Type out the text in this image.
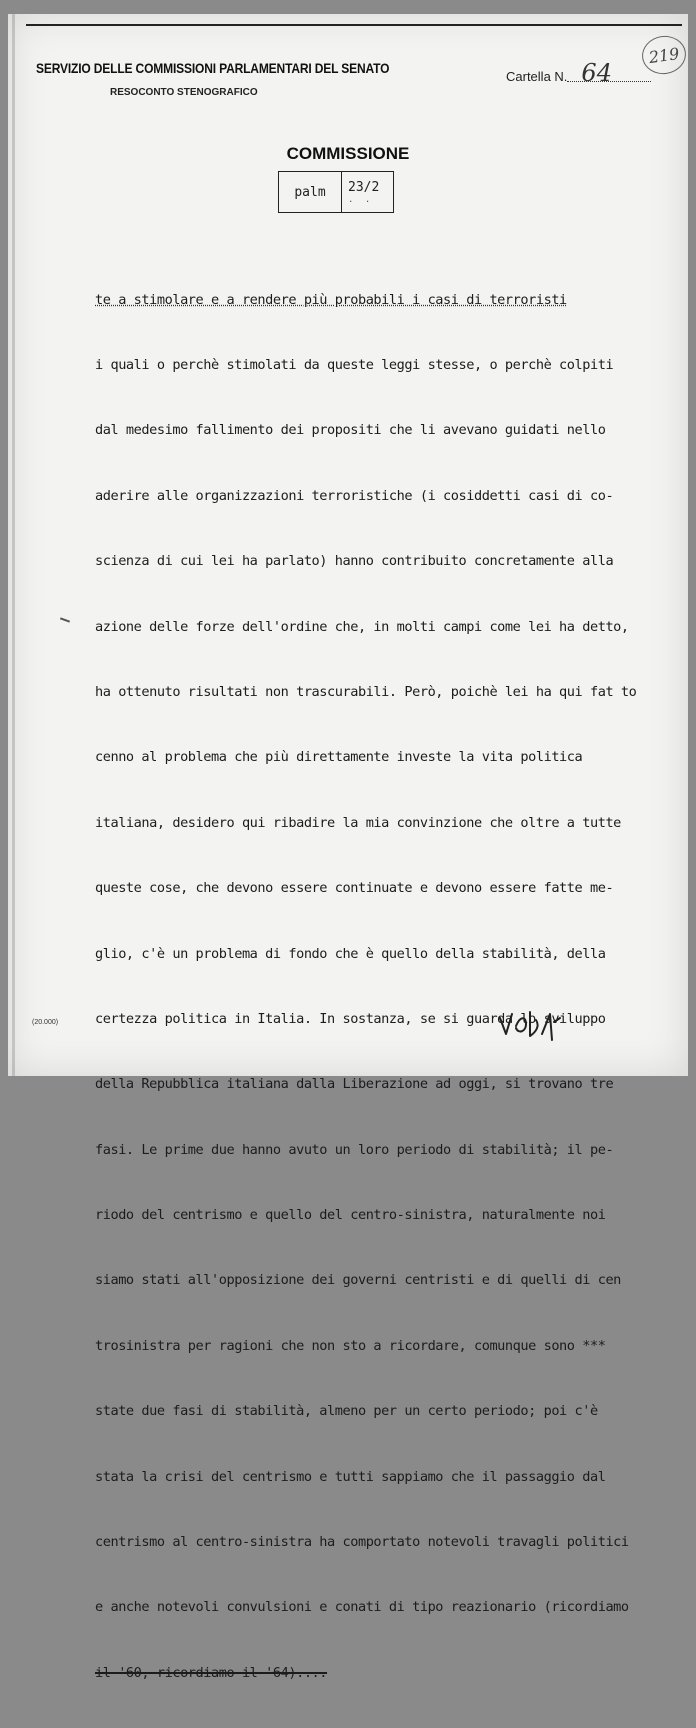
SERVIZIO DELLE COMMISSIONI PARLAMENTARI DEL SENATO
RESOCONTO STENOGRAFICO
Cartella N. 64
219
COMMISSIONE
palm	23/2
. .

te a stimolare e a rendere più probabili i casi di terroristi

i quali o perchè stimolati da queste leggi stesse, o perchè colpiti

dal medesimo fallimento dei propositi che li avevano guidati nello

aderire alle organizzazioni terroristiche (i cosiddetti casi di co-

scienza di cui lei ha parlato) hanno contribuito concretamente alla

azione delle forze dell'ordine che, in molti campi come lei ha detto,

ha ottenuto risultati non trascurabili. Però, poichè lei ha qui fat to

cenno al problema che più direttamente investe la vita politica

italiana, desidero qui ribadire la mia convinzione che oltre a tutte

queste cose, che devono essere continuate e devono essere fatte me-

glio, c'è un problema di fondo che è quello della stabilità, della

certezza politica in Italia. In sostanza, se si guarda lo sviluppo

della Repubblica italiana dalla Liberazione ad oggi, si trovano tre

fasi. Le prime due hanno avuto un loro periodo di stabilità; il pe-

riodo del centrismo e quello del centro-sinistra, naturalmente noi

siamo stati all'opposizione dei governi centristi e di quelli di cen

trosinistra per ragioni che non sto a ricordare, comunque sono ***

state due fasi di stabilità, almeno per un certo periodo; poi c'è

stata la crisi del centrismo e tutti sappiamo che il passaggio dal

centrismo al centro-sinistra ha comportato notevoli travagli politici

e anche notevoli convulsioni e conati di tipo reazionario (ricordiamo

il '60, ricordiamo il '64)....

(20.000)
